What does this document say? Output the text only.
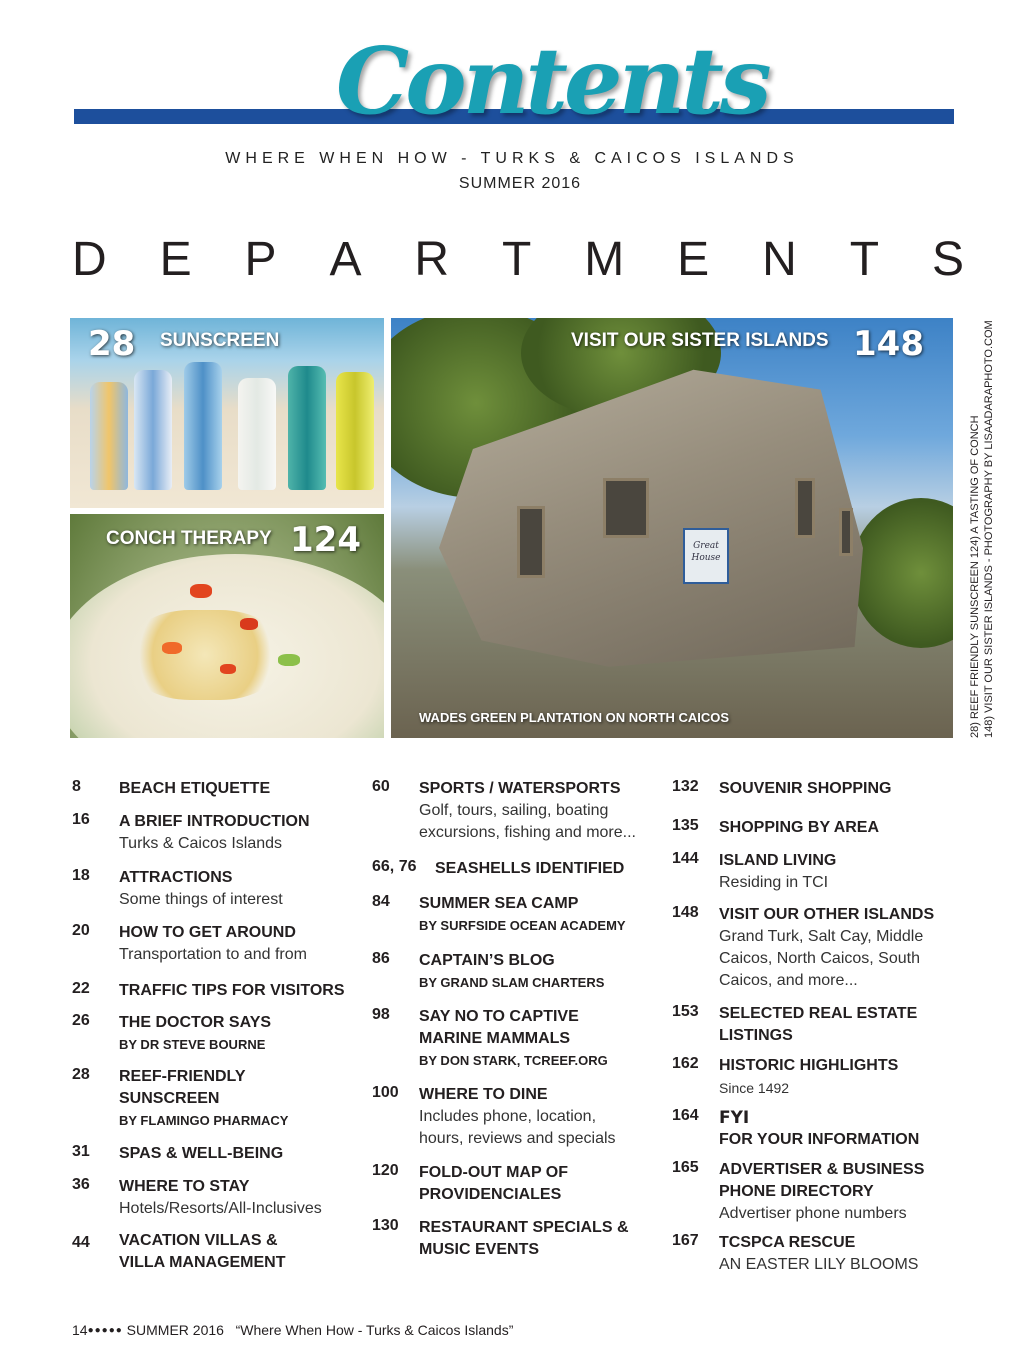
Contents
WHERE WHEN HOW - TURKS & CAICOS ISLANDS
SUMMER 2016
D E P A R T M E N T S
28 SUNSCREEN
CONCH THERAPY 124	Great House
VISIT OUR SISTER ISLANDS 148
WADES GREEN PLANTATION ON NORTH CAICOS	28) REEF FRIENDLY SUNSCREEN 124) A TASTING OF CONCH 148) VISIT OUR SISTER ISLANDS - PHOTOGRAPHY BY LISAADARAPHOTO.COM
8 BEACH ETIQUETTE
16 A BRIEF INTRODUCTION
Turks & Caicos Islands
18 ATTRACTIONS
Some things of interest
20 HOW TO GET AROUND
Transportation to and from
22 TRAFFIC TIPS FOR VISITORS
26 THE DOCTOR SAYS
BY DR STEVE BOURNE
28 REEF-FRIENDLY SUNSCREEN
BY FLAMINGO PHARMACY
31 SPAS & WELL-BEING
36 WHERE TO STAY
Hotels/Resorts/All-Inclusives
44 VACATION VILLAS & VILLA MANAGEMENT
60 SPORTS / WATERSPORTS
Golf, tours, sailing, boating excursions, fishing and more...
66, 76 SEASHELLS IDENTIFIED
84 SUMMER SEA CAMP
BY SURFSIDE OCEAN ACADEMY
86 CAPTAIN’S BLOG
BY GRAND SLAM CHARTERS
98 SAY NO TO CAPTIVE MARINE MAMMALS
BY DON STARK, TCREEF.ORG
100 WHERE TO DINE
Includes phone, location, hours, reviews and specials
120 FOLD-OUT MAP OF PROVIDENCIALES
130 RESTAURANT SPECIALS & MUSIC EVENTS
132 SOUVENIR SHOPPING
135 SHOPPING BY AREA
144 ISLAND LIVING
Residing in TCI
148 VISIT OUR OTHER ISLANDS
Grand Turk, Salt Cay, Middle Caicos, North Caicos, South Caicos, and more...
153 SELECTED REAL ESTATE LISTINGS
162 HISTORIC HIGHLIGHTS
Since 1492
164 FYI
FOR YOUR INFORMATION
165 ADVERTISER & BUSINESS PHONE DIRECTORY
Advertiser phone numbers
167 TCSPCA RESCUE
AN EASTER LILY BLOOMS
14●●●●● SUMMER 2016 “Where When How - Turks & Caicos Islands”
